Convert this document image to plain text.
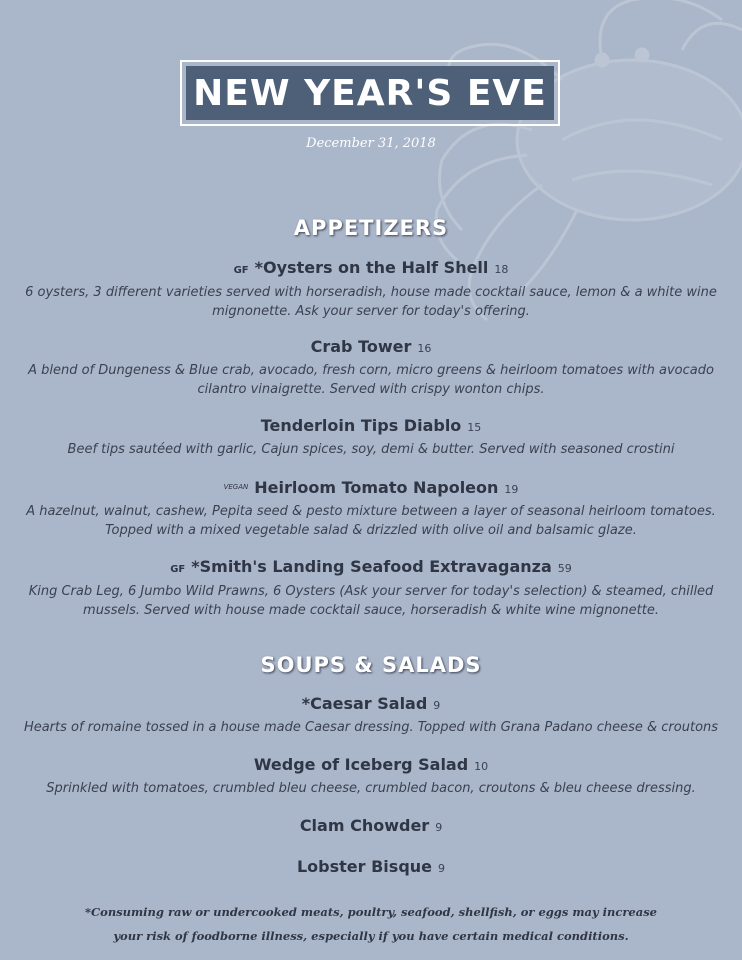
NEW YEAR'S EVE
December 31, 2018
APPETIZERS
GF *Oysters on the Half Shell 18
6 oysters, 3 different varieties served with horseradish, house made cocktail sauce, lemon & a white wine mignonette. Ask your server for today's offering.
Crab Tower 16
A blend of Dungeness & Blue crab, avocado, fresh corn, micro greens & heirloom tomatoes with avocado cilantro vinaigrette. Served with crispy wonton chips.
Tenderloin Tips Diablo 15
Beef tips sautéed with garlic, Cajun spices, soy, demi & butter. Served with seasoned crostini
$^{VEGAN}$ Heirloom Tomato Napoleon 19
A hazelnut, walnut, cashew, Pepita seed & pesto mixture between a layer of seasonal heirloom tomatoes. Topped with a mixed vegetable salad & drizzled with olive oil and balsamic glaze.
GF *Smith's Landing Seafood Extravaganza 59
King Crab Leg, 6 Jumbo Wild Prawns, 6 Oysters (Ask your server for today's selection) & steamed, chilled mussels. Served with house made cocktail sauce, horseradish & white wine mignonette.
SOUPS & SALADS
*Caesar Salad 9
Hearts of romaine tossed in a house made Caesar dressing. Topped with Grana Padano cheese & croutons
Wedge of Iceberg Salad 10
Sprinkled with tomatoes, crumbled bleu cheese, crumbled bacon, croutons & bleu cheese dressing.
Clam Chowder 9
Lobster Bisque 9
*Consuming raw or undercooked meats, poultry, seafood, shellfish, or eggs may increase
your risk of foodborne illness, especially if you have certain medical conditions.
